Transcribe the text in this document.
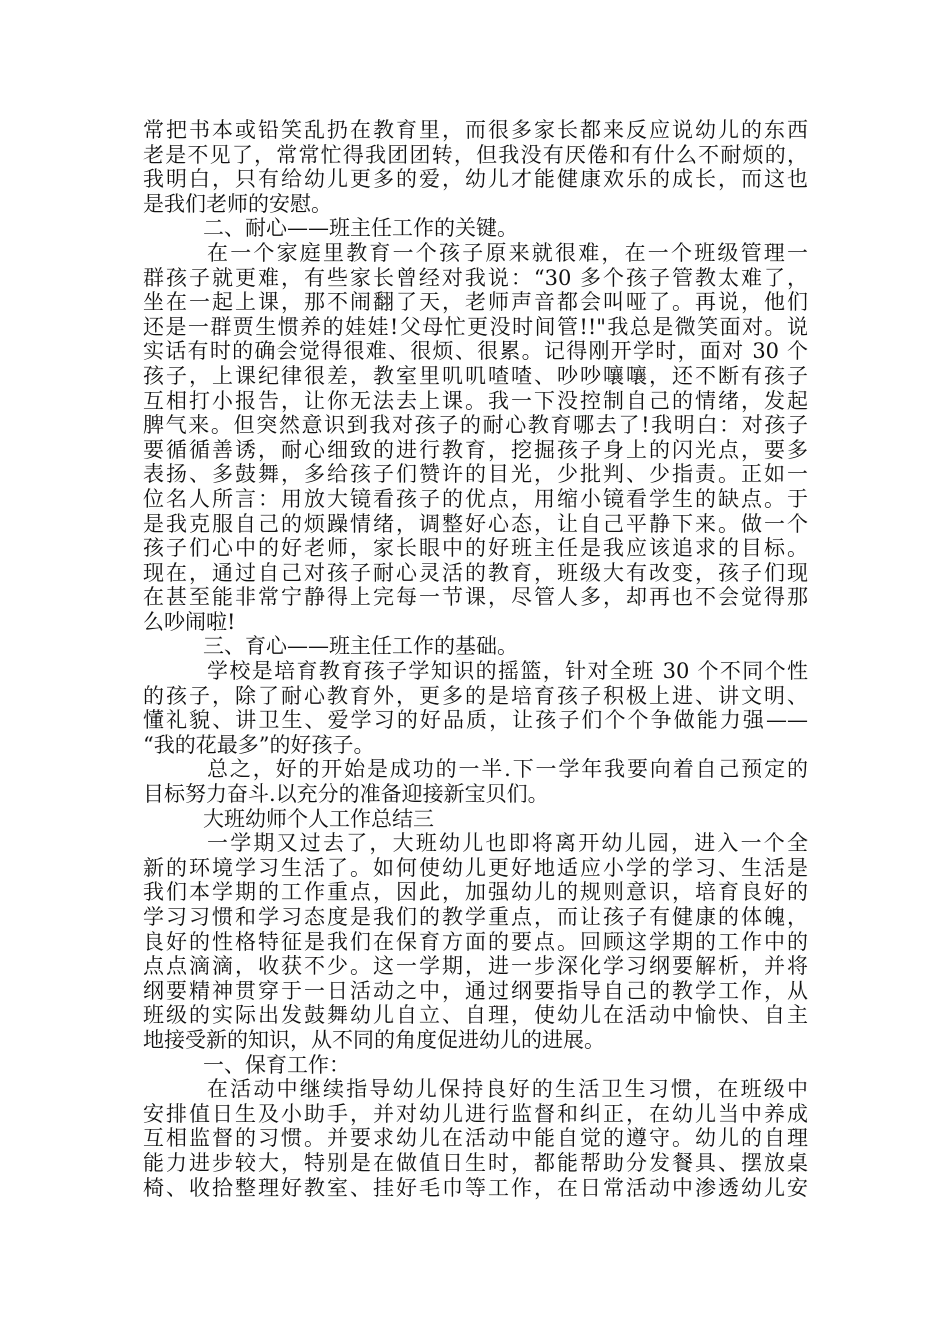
常把书本或铅笑乱扔在教育里，而很多家长都来反应说幼儿的东西
老是不见了，常常忙得我团团转，但我没有厌倦和有什么不耐烦的，
我明白，只有给幼儿更多的爱，幼儿才能健康欢乐的成长，而这也
是我们老师的安慰。
二、耐心——班主任工作的关键。
在一个家庭里教育一个孩子原来就很难，在一个班级管理一
群孩子就更难，有些家长曾经对我说：“30 多个孩子管教太难了，
坐在一起上课，那不闹翻了天，老师声音都会叫哑了。再说，他们
还是一群贾生惯养的娃娃!父母忙更没时间管!!"我总是微笑面对。说
实话有时的确会觉得很难、很烦、很累。记得刚开学时，面对 30 个
孩子，上课纪律很差，教室里叽叽喳喳、吵吵嚷嚷，还不断有孩子
互相打小报告，让你无法去上课。我一下没控制自己的情绪，发起
脾气来。但突然意识到我对孩子的耐心教育哪去了!我明白：对孩子
要循循善诱，耐心细致的进行教育，挖掘孩子身上的闪光点，要多
表扬、多鼓舞，多给孩子们赞许的目光，少批判、少指责。正如一
位名人所言：用放大镜看孩子的优点，用缩小镜看学生的缺点。于
是我克服自己的烦躁情绪，调整好心态，让自己平静下来。做一个
孩子们心中的好老师，家长眼中的好班主任是我应该追求的目标。
现在，通过自己对孩子耐心灵活的教育，班级大有改变，孩子们现
在甚至能非常宁静得上完每一节课，尽管人多，却再也不会觉得那
么吵闹啦!
三、育心——班主任工作的基础。
学校是培育教育孩子学知识的摇篮，针对全班 30 个不同个性
的孩子，除了耐心教育外，更多的是培育孩子积极上进、讲文明、
懂礼貌、讲卫生、爱学习的好品质，让孩子们个个争做能力强——
“我的花最多”的好孩子。
总之，好的开始是成功的一半.下一学年我要向着自己预定的
目标努力奋斗.以充分的准备迎接新宝贝们。
大班幼师个人工作总结三
一学期又过去了，大班幼儿也即将离开幼儿园，进入一个全
新的环境学习生活了。如何使幼儿更好地适应小学的学习、生活是
我们本学期的工作重点，因此，加强幼儿的规则意识，培育良好的
学习习惯和学习态度是我们的教学重点，而让孩子有健康的体魄，
良好的性格特征是我们在保育方面的要点。回顾这学期的工作中的
点点滴滴，收获不少。这一学期，进一步深化学习纲要解析，并将
纲要精神贯穿于一日活动之中，通过纲要指导自己的教学工作，从
班级的实际出发鼓舞幼儿自立、自理，使幼儿在活动中愉快、自主
地接受新的知识，从不同的角度促进幼儿的进展。
一、保育工作：
在活动中继续指导幼儿保持良好的生活卫生习惯，在班级中
安排值日生及小助手，并对幼儿进行监督和纠正，在幼儿当中养成
互相监督的习惯。并要求幼儿在活动中能自觉的遵守。幼儿的自理
能力进步较大，特别是在做值日生时，都能帮助分发餐具、摆放桌
椅、收拾整理好教室、挂好毛巾等工作，在日常活动中渗透幼儿安
